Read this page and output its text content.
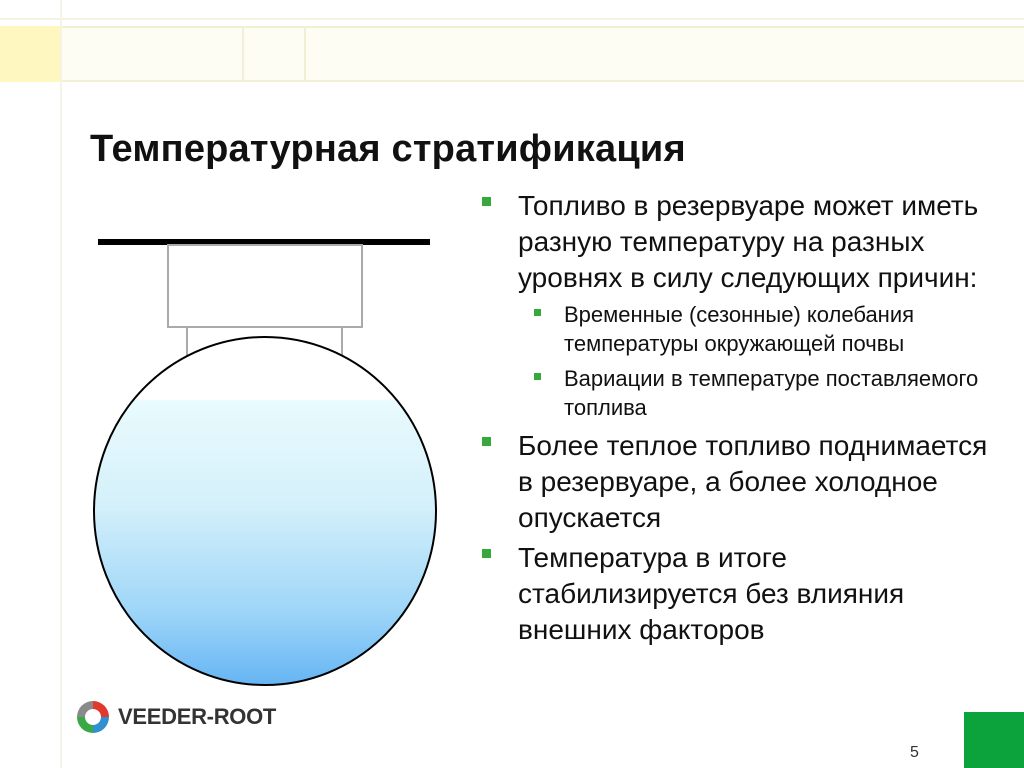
Температурная стратификация
Топливо в резервуаре может иметь разную температуру на разных уровнях в силу следующих причин:
Временные (сезонные) колебания температуры окружающей почвы
Вариации в температуре поставляемого топлива
Более теплое топливо поднимается в резервуаре, а более холодное опускается
Температура в итоге стабилизируется без влияния внешних факторов
VEEDER-ROOT
5
